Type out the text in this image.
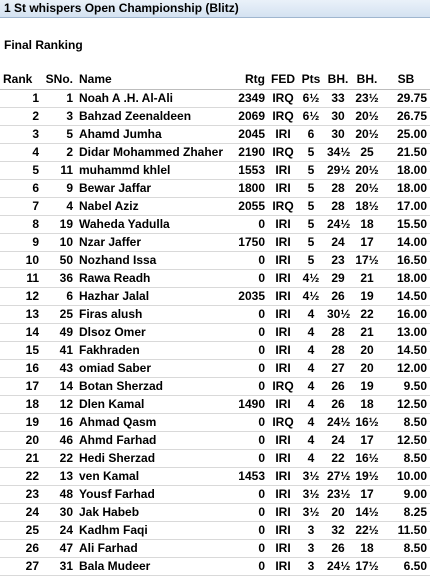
1 St whispers Open Championship (Blitz)
Final Ranking
Rank	SNo.	Name	Rtg	FED	Pts	BH.	BH.	SB
1	1	Noah A .H. Al-Ali	2349	IRQ	6½	33	23½	29.75
2	3	Bahzad Zeenaldeen	2069	IRQ	6½	30	20½	26.75
3	5	Ahamd Jumha	2045	IRI	6	30	20½	25.00
4	2	Didar Mohammed Zhaher	2190	IRQ	5	34½	25	21.50
5	11	muhammd khlel	1553	IRI	5	29½	20½	18.00
6	9	Bewar Jaffar	1800	IRI	5	28	20½	18.00
7	4	Nabel Aziz	2055	IRQ	5	28	18½	17.00
8	19	Waheda Yadulla	0	IRI	5	24½	18	15.50
9	10	Nzar Jaffer	1750	IRI	5	24	17	14.00
10	50	Nozhand Issa	0	IRI	5	23	17½	16.50
11	36	Rawa Readh	0	IRI	4½	29	21	18.00
12	6	Hazhar Jalal	2035	IRI	4½	26	19	14.50
13	25	Firas alush	0	IRI	4	30½	22	16.00
14	49	Dlsoz Omer	0	IRI	4	28	21	13.00
15	41	Fakhraden	0	IRI	4	28	20	14.50
16	43	omiad Saber	0	IRI	4	27	20	12.00
17	14	Botan Sherzad	0	IRQ	4	26	19	9.50
18	12	Dlen Kamal	1490	IRI	4	26	18	12.50
19	16	Ahmad Qasm	0	IRQ	4	24½	16½	8.50
20	46	Ahmd Farhad	0	IRI	4	24	17	12.50
21	22	Hedi Sherzad	0	IRI	4	22	16½	8.50
22	13	ven Kamal	1453	IRI	3½	27½	19½	10.00
23	48	Yousf Farhad	0	IRI	3½	23½	17	9.00
24	30	Jak Habeb	0	IRI	3½	20	14½	8.25
25	24	Kadhm Faqi	0	IRI	3	32	22½	11.50
26	47	Ali Farhad	0	IRI	3	26	18	8.50
27	31	Bala Mudeer	0	IRI	3	24½	17½	6.50
